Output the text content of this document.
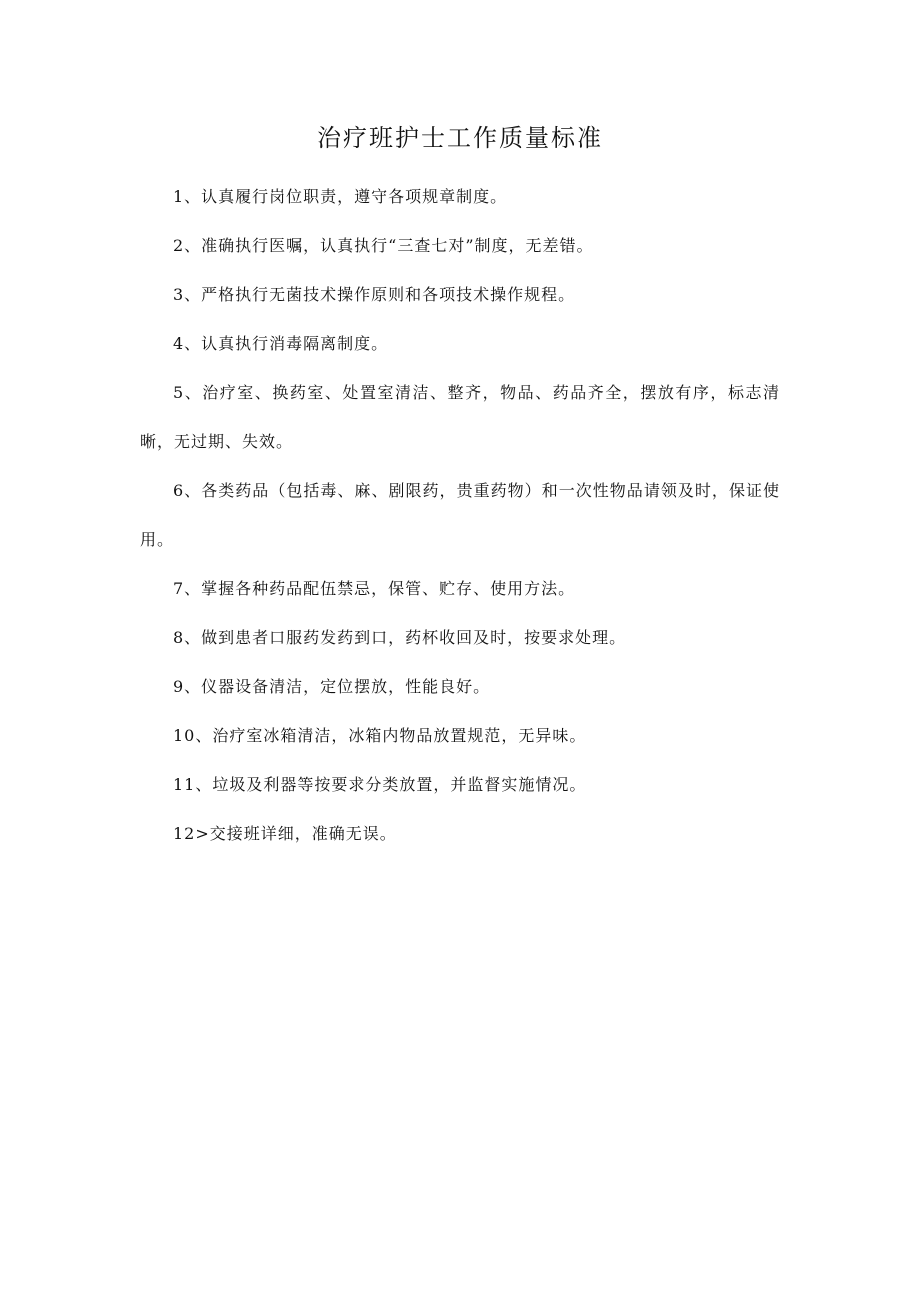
治疗班护士工作质量标准
1、认真履行岗位职责，遵守各项规章制度。
2、准确执行医嘱，认真执行“三查七对”制度，无差错。
3、严格执行无菌技术操作原则和各项技术操作规程。
4、认真执行消毒隔离制度。
5、治疗室、换药室、处置室清洁、整齐，物品、药品齐全，摆放有序，标志清晰，无过期、失效。
6、各类药品（包括毒、麻、剧限药，贵重药物）和一次性物品请领及时，保证使用。
7、掌握各种药品配伍禁忌，保管、贮存、使用方法。
8、做到患者口服药发药到口，药杯收回及时，按要求处理。
9、仪器设备清洁，定位摆放，性能良好。
10、治疗室冰箱清洁，冰箱内物品放置规范，无异味。
11、垃圾及利器等按要求分类放置，并监督实施情况。
12>交接班详细，准确无误。
